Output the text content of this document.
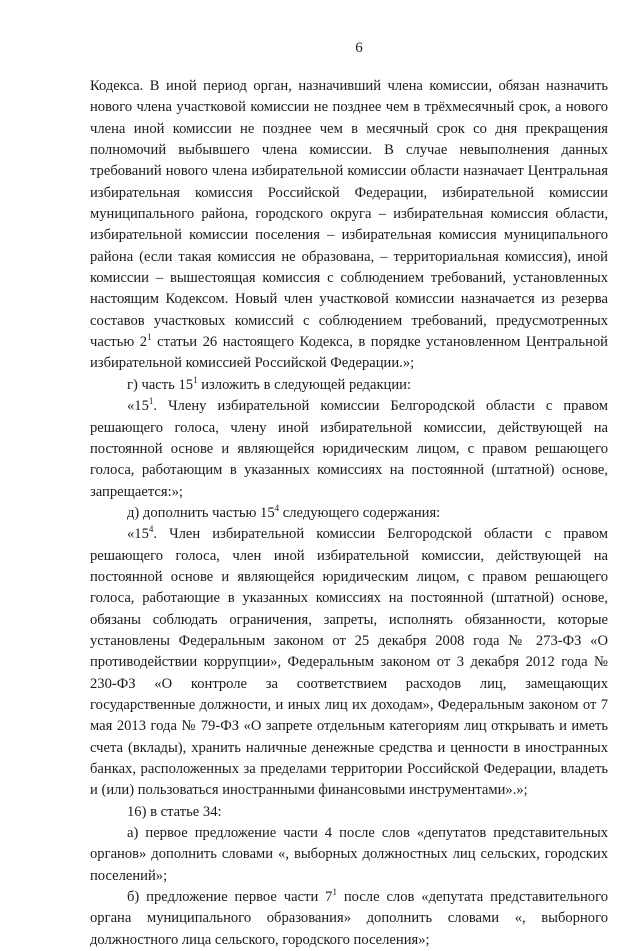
6

Кодекса. В иной период орган, назначивший члена комиссии, обязан назначить нового члена участковой комиссии не позднее чем в трёхмесячный срок, а нового члена иной комиссии не позднее чем в месячный срок со дня прекращения полномочий выбывшего члена комиссии. В случае невыполнения данных требований нового члена избирательной комиссии области назначает Центральная избирательная комиссия Российской Федерации, избирательной комиссии муниципального района, городского округа – избирательная комиссия области, избирательной комиссии поселения – избирательная комиссия муниципального района (если такая комиссия не образована, – территориальная комиссия), иной комиссии – вышестоящая комиссия с соблюдением требований, установленных настоящим Кодексом. Новый член участковой комиссии назначается из резерва составов участковых комиссий с соблюдением требований, предусмотренных частью $2^1$ статьи 26 настоящего Кодекса, в порядке установленном Центральной избирательной комиссией Российской Федерации.»;

г) часть $15^1$ изложить в следующей редакции:

«$15^1$. Члену избирательной комиссии Белгородской области с правом решающего голоса, члену иной избирательной комиссии, действующей на постоянной основе и являющейся юридическим лицом, с правом решающего голоса, работающим в указанных комиссиях на постоянной (штатной) основе, запрещается:»;

д) дополнить частью $15^4$ следующего содержания:

«$15^4$. Член избирательной комиссии Белгородской области с правом решающего голоса, член иной избирательной комиссии, действующей на постоянной основе и являющейся юридическим лицом, с правом решающего голоса, работающие в указанных комиссиях на постоянной (штатной) основе, обязаны соблюдать ограничения, запреты, исполнять обязанности, которые установлены Федеральным законом от 25 декабря 2008 года № 273-ФЗ «О противодействии коррупции», Федеральным законом от 3 декабря 2012 года № 230-ФЗ «О контроле за соответствием расходов лиц, замещающих государственные должности, и иных лиц их доходам», Федеральным законом от 7 мая 2013 года № 79-ФЗ «О запрете отдельным категориям лиц открывать и иметь счета (вклады), хранить наличные денежные средства и ценности в иностранных банках, расположенных за пределами территории Российской Федерации, владеть и (или) пользоваться иностранными финансовыми инструментами».»;

16) в статье 34:

а) первое предложение части 4 после слов «депутатов представительных органов» дополнить словами «, выборных должностных лиц сельских, городских поселений»;

б) предложение первое части $7^1$ после слов «депутата представительного органа муниципального образования» дополнить словами «, выборного должностного лица сельского, городского поселения»;
